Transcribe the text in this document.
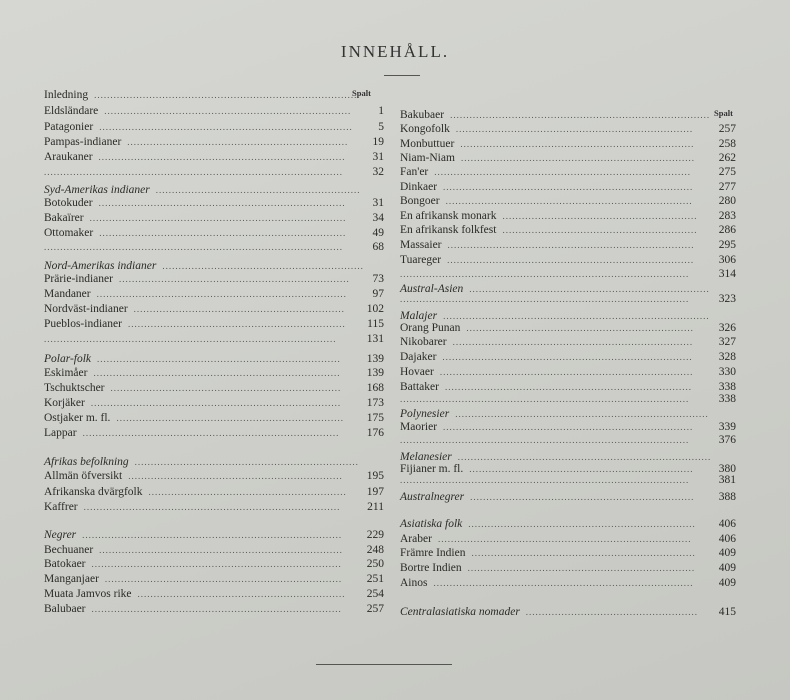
INNEHÅLL.
Spalt
Spalt
Inledning .................................................................................
Eldsländare	1
............................................................................
Patagonier	5
..............................................................................
Pampas-indianer	19
....................................................................
Araukaner	31
............................................................................
32
............................................................................................
Syd-Amerikas indianer ...............................................................
Botokuder	31
............................................................................
Bakaïrer	34
...............................................................................
Ottomaker	49
............................................................................
68
............................................................................................
Nord-Amerikas indianer ..............................................................
Prärie-indianer	73
.......................................................................
Mandaner	97
.............................................................................
Nordväst-indianer	102
.................................................................
Pueblos-indianer	115
...................................................................
131
..........................................................................................
Polar-folk	139
...........................................................................
Eskimåer	139
............................................................................
Tschuktscher	168
.......................................................................
Korjäker	173
.............................................................................
Ostjaker m. fl.	175
......................................................................
Lappar	176
...............................................................................
Afrikas befolkning .....................................................................
Allmän öfversikt	195
..................................................................
Afrikanska dvärgfolk	197
.............................................................
Kaffrer	211
...............................................................................
Negrer	229
................................................................................
Bechuaner	248
...........................................................................
Batokaer	250
.............................................................................
Manganjaer	251
.........................................................................
Muata Jamvos rike	254
................................................................
Balubaer	257
.............................................................................
Bakubaer ................................................................................
Kongofolk	257
.........................................................................
Monbuttuer	258
........................................................................
Niam-Niam	262
........................................................................
Fan'er	275
...............................................................................
Dinkaer	277
.............................................................................
Bongoer	280
............................................................................
En afrikansk monark	283
............................................................
En afrikansk folkfest	286
............................................................
Massaier	295
............................................................................
Tuareger	306
............................................................................
314
.........................................................................................
Austral-Asien ..........................................................................
323
.........................................................................................
Malajer ..................................................................................
Orang Punan	326
......................................................................
Nikobarer	327
..........................................................................
Dajaker	328
.............................................................................
Hovaer	330
..............................................................................
Battaker	338
............................................................................
338
.........................................................................................
Polynesier ..............................................................................
Maorier	339
.............................................................................
376
.........................................................................................
Melanesier ..............................................................................
Fijianer m. fl.	380
.....................................................................
381
.........................................................................................
Australnegrer	388
.....................................................................
Asiatiska folk	406
......................................................................
Araber	406
..............................................................................
Främre Indien	409
.....................................................................
Bortre Indien	409
......................................................................
Ainos	409
................................................................................
Centralasiatiska nomader	415
.....................................................
